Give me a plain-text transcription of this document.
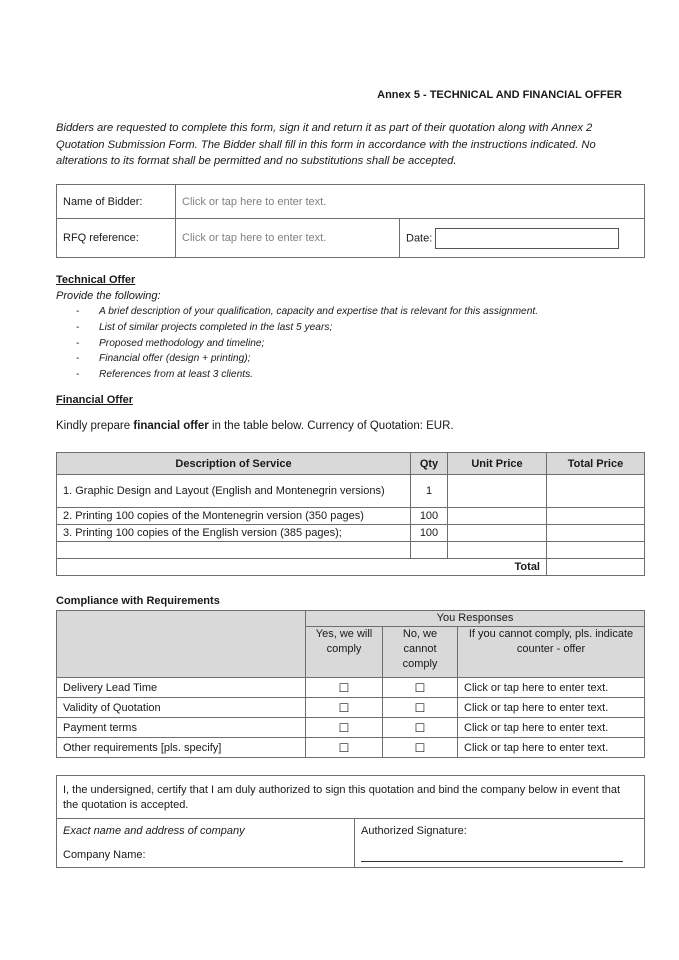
Annex 5 - TECHNICAL AND FINANCIAL OFFER
Bidders are requested to complete this form, sign it and return it as part of their quotation along with Annex 2 Quotation Submission Form. The Bidder shall fill in this form in accordance with the instructions indicated. No alterations to its format shall be permitted and no substitutions shall be accepted.
Name of Bidder:	Click or tap here to enter text.	
RFQ reference:	Click or tap here to enter text.	Date:
Technical Offer
Provide the following:
- A brief description of your qualification, capacity and expertise that is relevant for this assignment.
- List of similar projects completed in the last 5 years;
- Proposed methodology and timeline;
- Financial offer (design + printing);
- References from at least 3 clients.
Financial Offer
Kindly prepare financial offer in the table below. Currency of Quotation: EUR.
Description of Service	Qty	Unit Price	Total Price
1. Graphic Design and Layout (English and Montenegrin versions)	1		
2. Printing 100 copies of the Montenegrin version (350 pages)	100		
3. Printing 100 copies of the English version (385 pages);	100		

Total			
Compliance with Requirements
	You Responses		
	Yes, we will comply	No, we cannot comply	If you cannot comply, pls. indicate counter - offer
Delivery Lead Time	☐	☐	Click or tap here to enter text.
Validity of Quotation	☐	☐	Click or tap here to enter text.
Payment terms	☐	☐	Click or tap here to enter text.
Other requirements [pls. specify]	☐	☐	Click or tap here to enter text.
I, the undersigned, certify that I am duly authorized to sign this quotation and bind the company below in event that the quotation is accepted.
Exact name and address of company	Authorized Signature:

Company Name:
